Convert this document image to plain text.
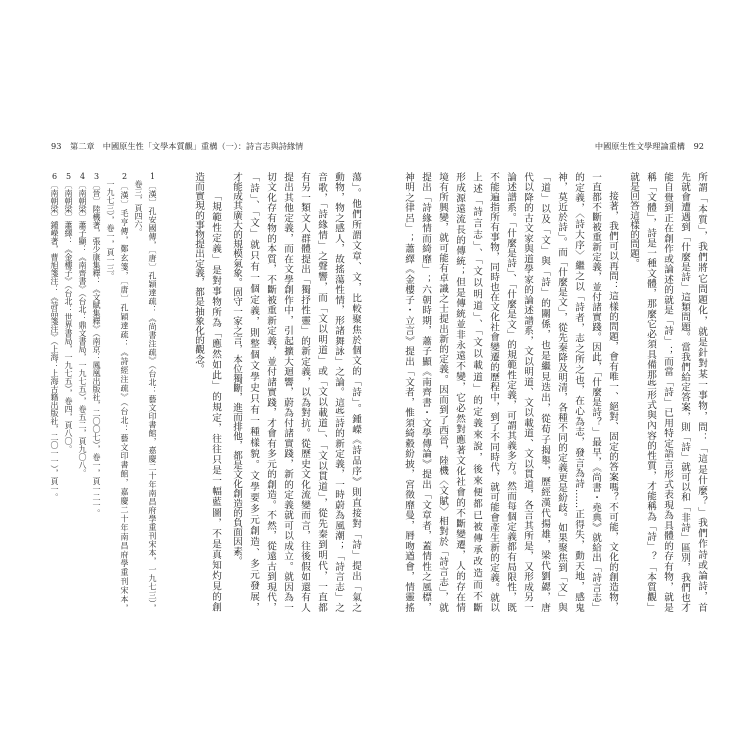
93 第二章　中國原生性「文學本質觀」重構（一）：詩言志與詩緣情	中國原生性文學理論重構 92
所謂「本質」，我們將它問題化，就是針對某一事物，問：「這是什麼？」我們作詩或論詩，首
先就會遭遇到「什麼是詩」這類問題。當我們給定答案，則「詩」就可以和「非詩」區別，我們也才
能自覺到正在創作或論述的就是「詩」；而當「詩」已用特定語言形式表現為具體的存有物，就是
稱「文體」，詩是一種文體，那麼它必須具備那些形式與內容的性質，才能稱為「詩」？「本質觀」
就是回答這樣的問題。
接著，我們可以再問：這樣的問題，會有唯一、絕對、固定的答案嗎？不可能，文化的創造物，
一直都不斷被重新定義，並付諸實踐。因此，「什麼是詩？」最早，《尚書・堯典》就給出「詩言志」
的定義，〈詩大序〉繼之以「詩者，志之所之也，在心為志，發言為詩……正得失，動天地，感鬼
神，莫近於詩」。而「什麼是文」，從先秦降及明清，各種不同的定義更是紛歧。如果聚焦到「文」與
「道」以及「文」與「詩」的關係，也是繼見迭出，從荀子揭舉，歷經漢代揚雄，梁代劉勰，唐
代以降的古文家與道學家的論述譜系，文以明道、文以載道、文以貫道，各言其所是，又形成另一
論述譜系。「什麼是詩」、「什麼是文」的規範性定義，可謂其義多方。然而每個定義都有局限性，既
不能遍指所有事物，同時也在文化社會變遷的歷程中，到了不同時代，就可能會產生新的定義。就以
上述「詩言志」、「文以明道」、「文以載道」的定義來說，後來便都已被傳承改造而不斷
形成源遠流長的傳統；但是傳統並非永遠不變，它必然對應著文化社會的不斷變遷，人的存在情
境有所興變，就可能有卓識之士提出新的定義。因而到了西晉，陸機〈文賦〉相對於「詩言志」，就
提出「詩緣情而綺靡」；六朝時期，蕭子顯《南齊書・文學傳論》提出「文章者，蓋情性之風標，
神明之律呂」；蕭繹《金樓子・立言》提出「文者，惟須綺縠紛披，宮徵靡曼，脣吻遒會，情靈搖
蕩」。他們所謂文章、文，比較聚焦於個文的「詩」。鍾嶸《詩品序》則直接對「詩」提出「氣之
動物，物之感人，故搖蕩性情，形諸舞詠」之論。這些詩的新定義，一時蔚為風潮；「詩言志」之
音歌，「詩緣情」之聲響，而「文以明道」或「文以載道」、「文以貫道」，從先秦到明代，一直都
有另一類文人群體提出「獨抒性靈」的新定義，以為對抗。從歷史文化流變而言，往後假如還有人
提出其他定義，而在文學創作中，引起擴大迴響，蔚為付諸實踐，新的定義就可以成立。就因為一
切文化存有物的本質，不斷被重新定義，並付諸實踐，才會有多元的創造。不然，從遠古到現代，
「詩」、「文」就只有一個定義，則整個文學史只有一種樣貌。文學要多元創造、多元發展，
才能成其廣大的規模氣象。固守一家之言，本位獨斷，進而排他，都是文化創造的負面因素。
「規範性定義」是對事物所為「應然如此」的規定，往往只是一幅藍圖，不是真知灼見的創
造而實現的事物提出定義，都是抽象化的觀念。
1〔漢〕孔安國傳，〔唐〕孔穎達疏：《尚書注疏》（台北：藝文印書館，嘉慶二十年南昌府學重刊宋本，一九七三），
卷三，頁四六。
2〔漢〕毛亨傳，鄭玄箋，〔唐〕孔穎達疏：《詩經注疏》（台北：藝文印書館，嘉慶二十年南昌府學重刊宋本，
一九七三），卷一，頁一三。
3〔晉〕陸機著，張少康集釋：《文賦集釋》（南京：鳳凰出版社，二〇〇七），卷一，頁一二一。
4〔南朝梁〕蕭子顯：《南齊書》（台北：鼎文書局，一九七五），卷五二，頁九〇八。
5〔南朝梁〕蕭繹：《金樓子》（台北：世界書局，一九七五），卷四，頁八〇。
6〔南朝梁〕鍾嶸著，曹旭箋注：《詩品箋注》（上海：上海古籍出版社，二〇一一），頁一。
